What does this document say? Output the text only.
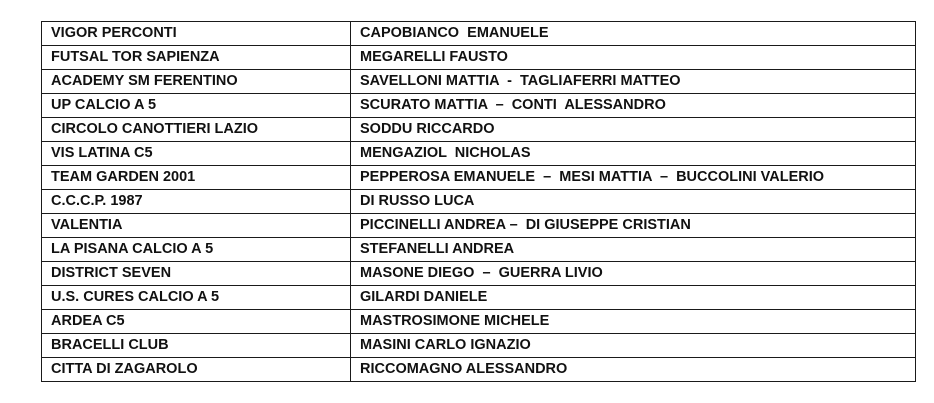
VIGOR PERCONTI	CAPOBIANCO  EMANUELE
FUTSAL TOR SAPIENZA	MEGARELLI FAUSTO
ACADEMY SM FERENTINO	SAVELLONI MATTIA  -  TAGLIAFERRI MATTEO
UP CALCIO A 5	SCURATO MATTIA  –  CONTI  ALESSANDRO
CIRCOLO CANOTTIERI LAZIO	SODDU RICCARDO
VIS LATINA C5	MENGAZIOL  NICHOLAS
TEAM GARDEN 2001	PEPPEROSA EMANUELE  –  MESI MATTIA  –  BUCCOLINI VALERIO
C.C.C.P. 1987	DI RUSSO LUCA
VALENTIA	PICCINELLI ANDREA –  DI GIUSEPPE CRISTIAN
LA PISANA CALCIO A 5	STEFANELLI ANDREA
DISTRICT SEVEN	MASONE DIEGO  –  GUERRA LIVIO
U.S. CURES CALCIO A 5	GILARDI DANIELE
ARDEA C5	MASTROSIMONE MICHELE
BRACELLI CLUB	MASINI CARLO IGNAZIO
CITTA DI ZAGAROLO	RICCOMAGNO ALESSANDRO
